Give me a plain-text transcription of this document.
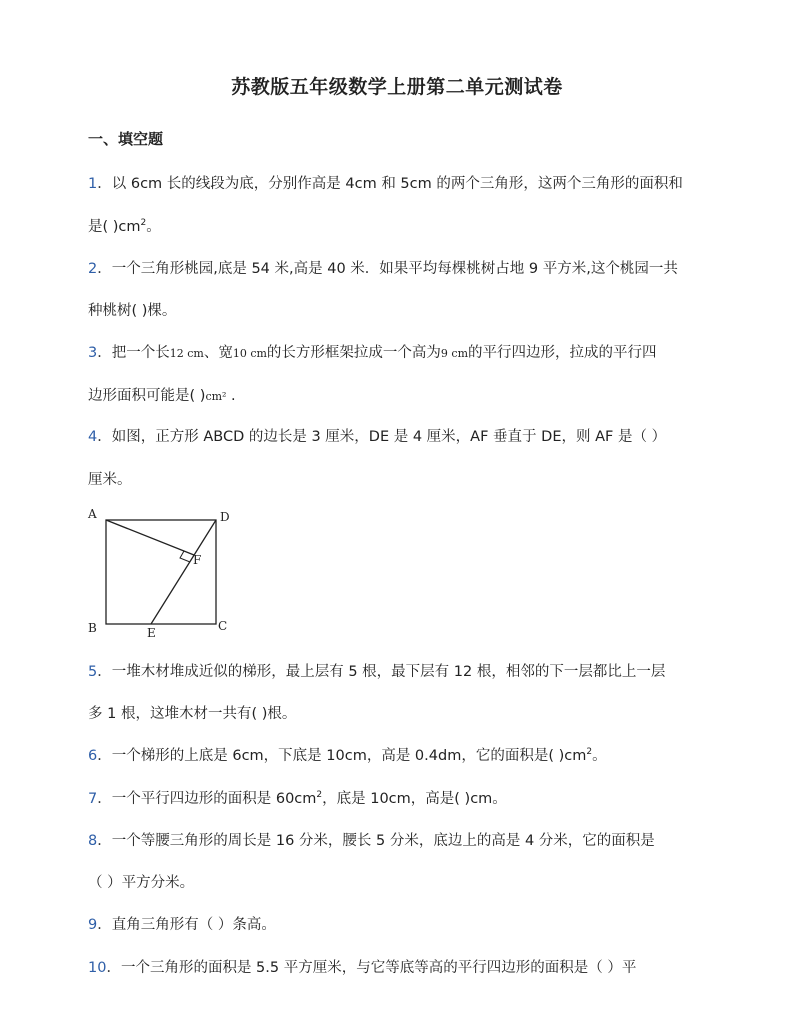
苏教版五年级数学上册第二单元测试卷
一、填空题
1．以 6cm 长的线段为底，分别作高是 4cm 和 5cm 的两个三角形，这两个三角形的面积和
是( )$cm^2$。
2．一个三角形桃园,底是 54 米,高是 40 米．如果平均每棵桃树占地 9 平方米,这个桃园一共
种桃树( )棵。
3．把一个长12 cm、宽10 cm的长方形框架拉成一个高为9 cm的平行四边形，拉成的平行四
边形面积可能是( )cm² .
4．如图，正方形 ABCD 的边长是 3 厘米，DE 是 4 厘米，AF 垂直于 DE，则 AF 是（ ）
厘米。
A	D
F
B	E	C
5．一堆木材堆成近似的梯形，最上层有 5 根，最下层有 12 根，相邻的下一层都比上一层
多 1 根，这堆木材一共有( )根。
6．一个梯形的上底是 6cm，下底是 10cm，高是 0.4dm，它的面积是( )$cm^2$。
7．一个平行四边形的面积是 $60cm^2$，底是 10cm，高是( )cm。
8．一个等腰三角形的周长是 16 分米，腰长 5 分米，底边上的高是 4 分米，它的面积是
（ ）平方分米。
9．直角三角形有（ ）条高。
10．一个三角形的面积是 5.5 平方厘米，与它等底等高的平行四边形的面积是（ ）平
